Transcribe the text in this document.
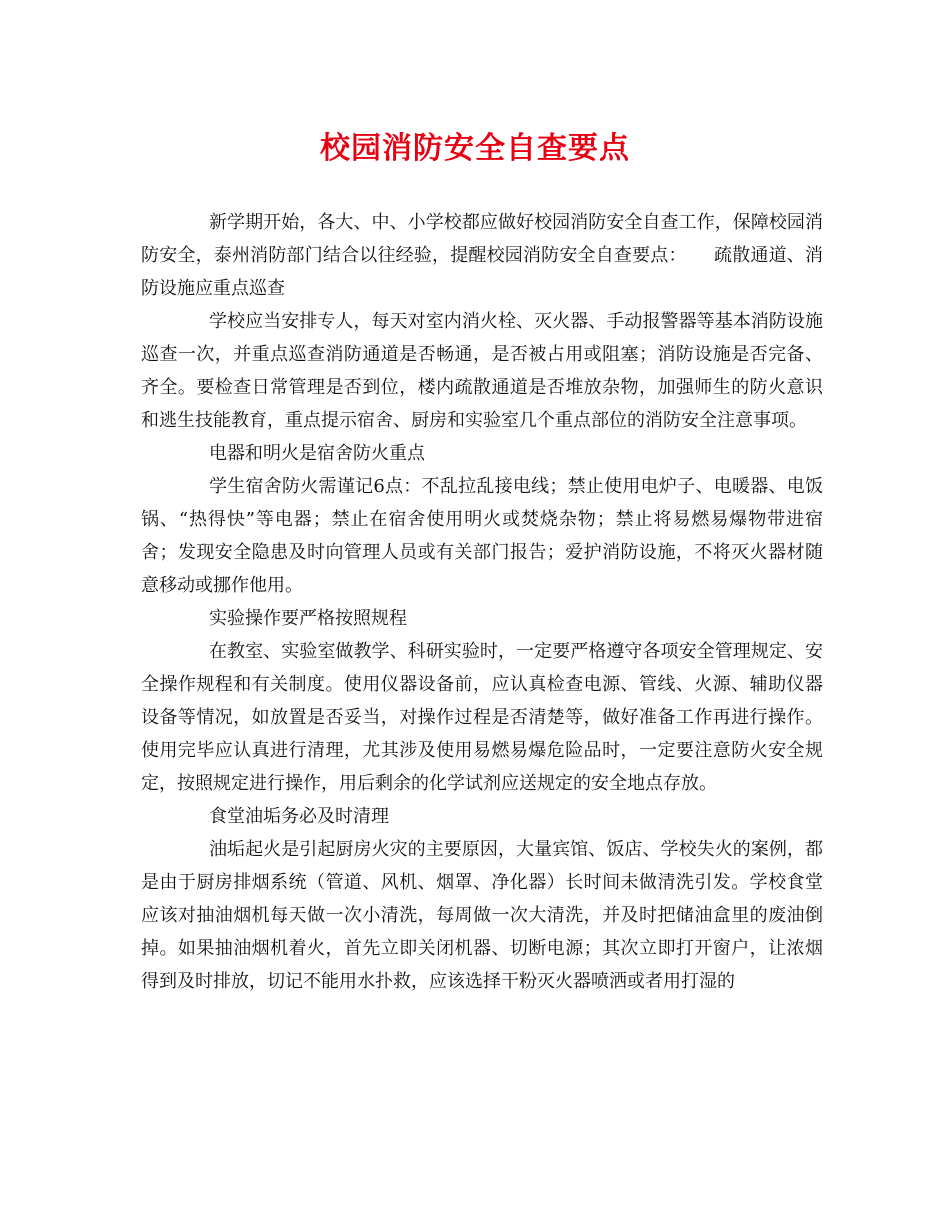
校园消防安全自查要点

新学期开始，各大、中、小学校都应做好校园消防安全自查工作，保障校园消防安全，泰州消防部门结合以往经验，提醒校园消防安全自查要点：　　疏散通道、消防设施应重点巡查

学校应当安排专人，每天对室内消火栓、灭火器、手动报警器等基本消防设施巡查一次，并重点巡查消防通道是否畅通，是否被占用或阻塞；消防设施是否完备、齐全。要检查日常管理是否到位，楼内疏散通道是否堆放杂物，加强师生的防火意识和逃生技能教育，重点提示宿舍、厨房和实验室几个重点部位的消防安全注意事项。

电器和明火是宿舍防火重点

学生宿舍防火需谨记6点：不乱拉乱接电线；禁止使用电炉子、电暖器、电饭锅、“热得快”等电器；禁止在宿舍使用明火或焚烧杂物；禁止将易燃易爆物带进宿舍；发现安全隐患及时向管理人员或有关部门报告；爱护消防设施，不将灭火器材随意移动或挪作他用。

实验操作要严格按照规程

在教室、实验室做教学、科研实验时，一定要严格遵守各项安全管理规定、安全操作规程和有关制度。使用仪器设备前，应认真检查电源、管线、火源、辅助仪器设备等情况，如放置是否妥当，对操作过程是否清楚等，做好准备工作再进行操作。使用完毕应认真进行清理，尤其涉及使用易燃易爆危险品时，一定要注意防火安全规定，按照规定进行操作，用后剩余的化学试剂应送规定的安全地点存放。

食堂油垢务必及时清理

油垢起火是引起厨房火灾的主要原因，大量宾馆、饭店、学校失火的案例，都是由于厨房排烟系统（管道、风机、烟罩、净化器）长时间未做清洗引发。学校食堂应该对抽油烟机每天做一次小清洗，每周做一次大清洗，并及时把储油盒里的废油倒掉。如果抽油烟机着火，首先立即关闭机器、切断电源；其次立即打开窗户，让浓烟得到及时排放，切记不能用水扑救，应该选择干粉灭火器喷洒或者用打湿的
